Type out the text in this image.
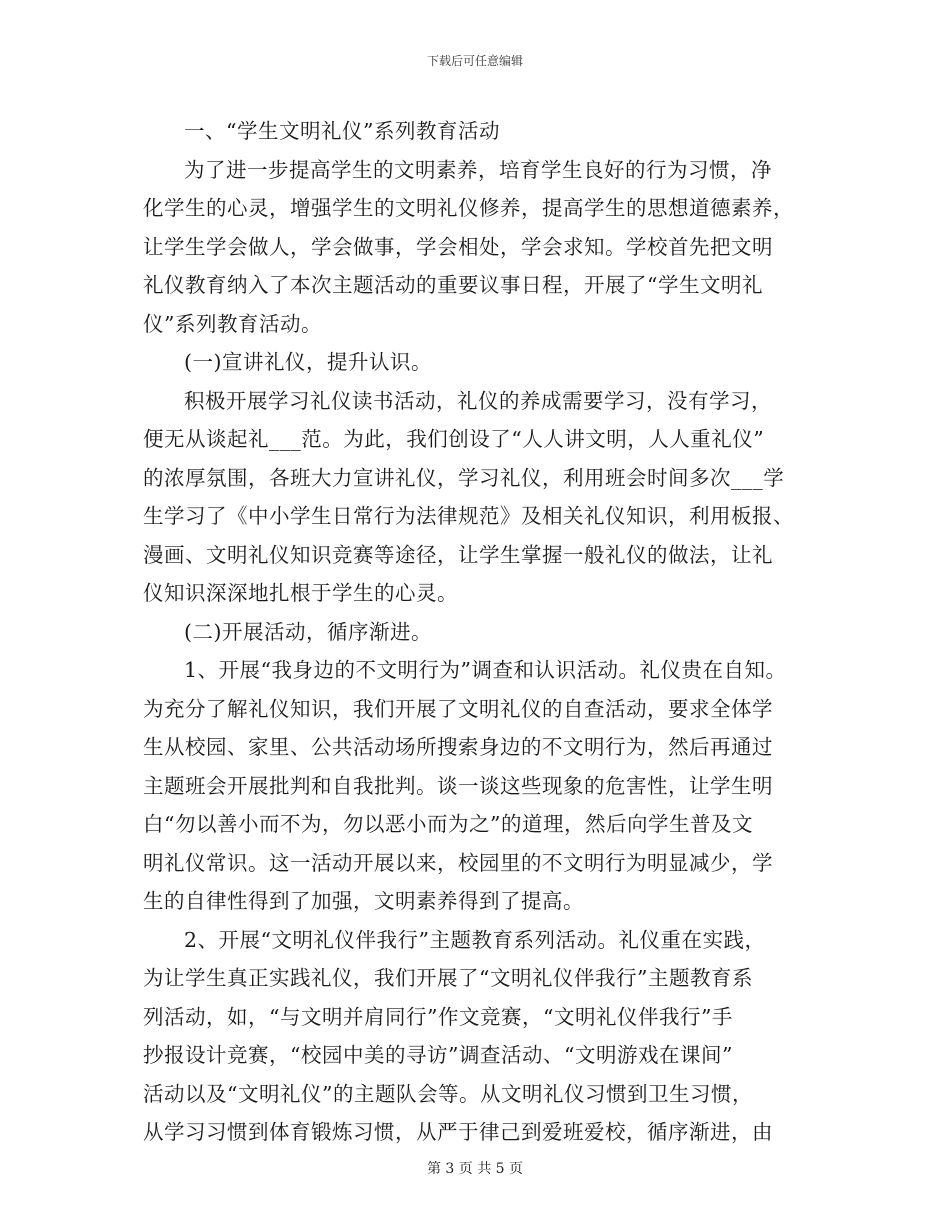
下载后可任意编辑
一、“学生文明礼仪”系列教育活动
为了进一步提高学生的文明素养，培育学生良好的行为习惯，净
化学生的心灵，增强学生的文明礼仪修养，提高学生的思想道德素养，
让学生学会做人，学会做事，学会相处，学会求知。学校首先把文明
礼仪教育纳入了本次主题活动的重要议事日程，开展了“学生文明礼
仪”系列教育活动。
(一)宣讲礼仪，提升认识。
积极开展学习礼仪读书活动，礼仪的养成需要学习，没有学习，
便无从谈起礼___范。为此，我们创设了“人人讲文明，人人重礼仪”
的浓厚氛围，各班大力宣讲礼仪，学习礼仪，利用班会时间多次___学
生学习了《中小学生日常行为法律规范》及相关礼仪知识，利用板报、
漫画、文明礼仪知识竞赛等途径，让学生掌握一般礼仪的做法，让礼
仪知识深深地扎根于学生的心灵。
(二)开展活动，循序渐进。
1、开展“我身边的不文明行为”调查和认识活动。礼仪贵在自知。
为充分了解礼仪知识，我们开展了文明礼仪的自查活动，要求全体学
生从校园、家里、公共活动场所搜索身边的不文明行为，然后再通过
主题班会开展批判和自我批判。谈一谈这些现象的危害性，让学生明
白“勿以善小而不为，勿以恶小而为之”的道理，然后向学生普及文
明礼仪常识。这一活动开展以来，校园里的不文明行为明显减少，学
生的自律性得到了加强，文明素养得到了提高。
2、开展“文明礼仪伴我行”主题教育系列活动。礼仪重在实践，
为让学生真正实践礼仪，我们开展了“文明礼仪伴我行”主题教育系
列活动，如，“与文明并肩同行”作文竞赛，“文明礼仪伴我行”手
抄报设计竞赛，“校园中美的寻访”调查活动、“文明游戏在课间”
活动以及“文明礼仪”的主题队会等。从文明礼仪习惯到卫生习惯，
从学习习惯到体育锻炼习惯，从严于律己到爱班爱校，循序渐进，由
第 3 页 共 5 页
